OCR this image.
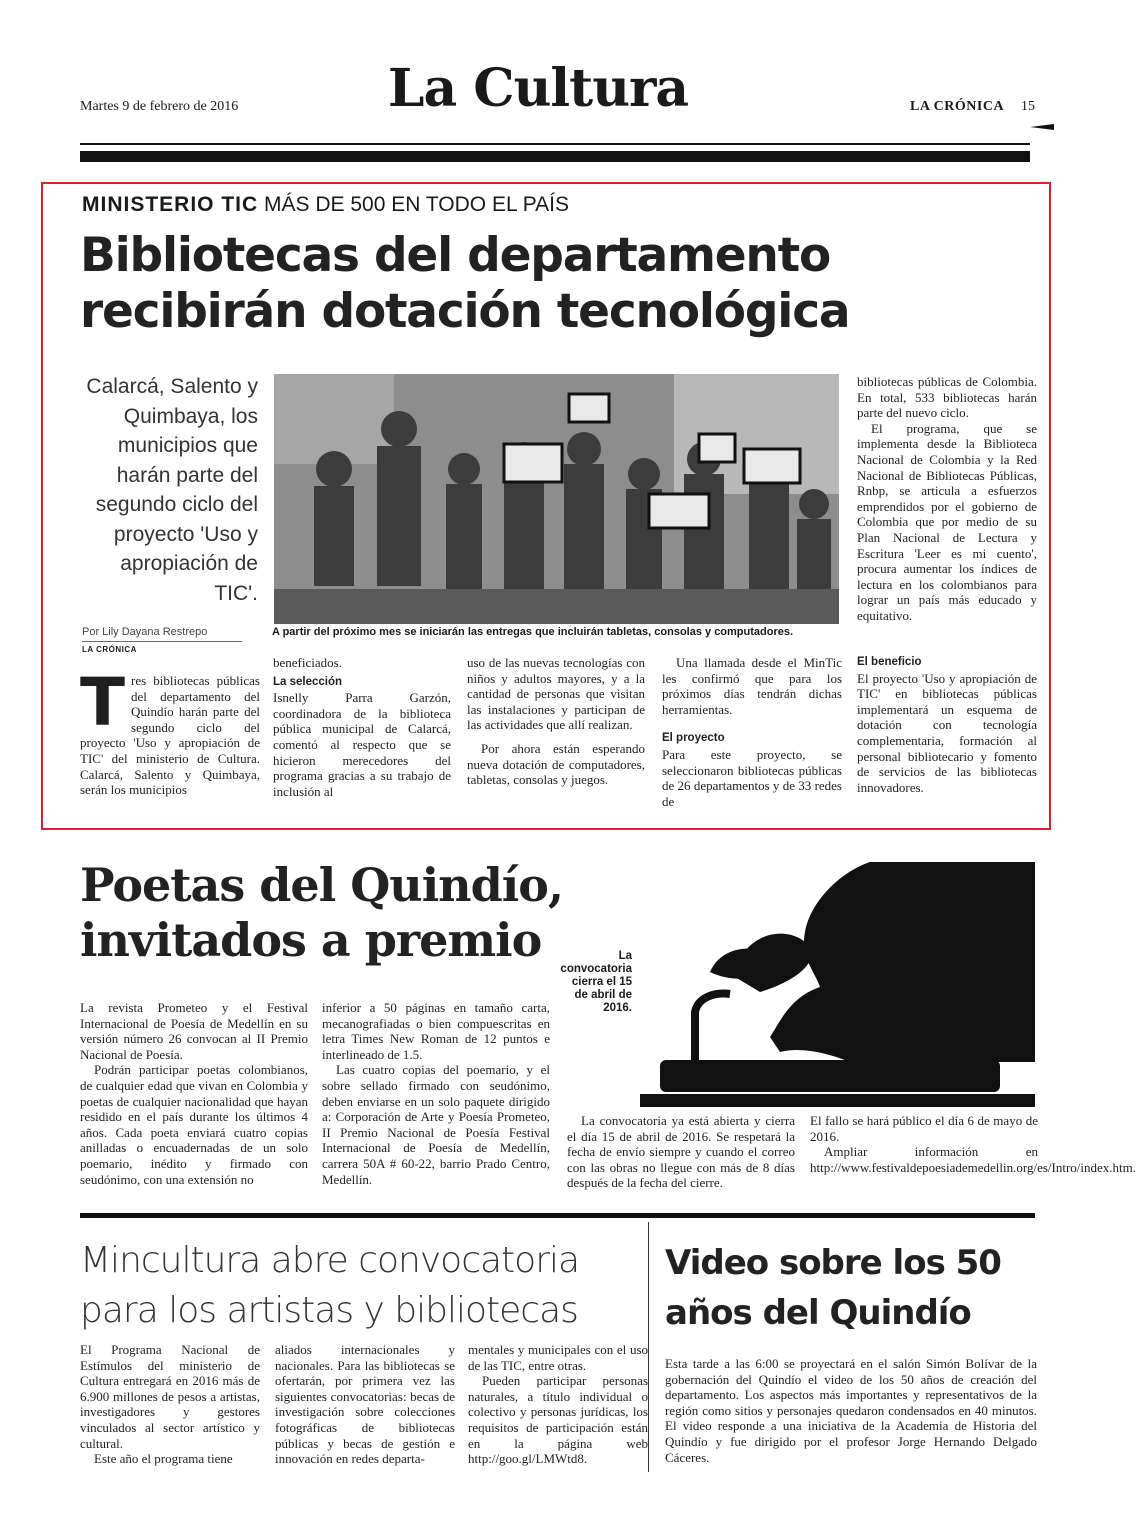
Martes 9 de febrero de 2016	La Cultura	LA CRÓNICA 15
MINISTERIO TIC MÁS DE 500 EN TODO EL PAÍS
Bibliotecas del departamento recibirán dotación tecnológica
Calarcá, Salento y Quimbaya, los municipios que harán parte del segundo ciclo del proyecto 'Uso y apropiación de TIC'.
A partir del próximo mes se iniciarán las entregas que incluirán tabletas, consolas y computadores.
Por Lily Dayana Restrepo
LA CRÓNICA
T res bibliotecas públicas del departamento del Quindío harán parte del segundo ciclo del proyecto 'Uso y apropiación de TIC' del ministerio de Cultura. Calarcá, Salento y Quimbaya, serán los municipios

beneficiados.

La selección

Isnelly Parra Garzón, coordinadora de la biblioteca pública municipal de Calarcá, comentó al respecto que se hicieron merecedores del programa gracias a su trabajo de inclusión al

uso de las nuevas tecnologías con niños y adultos mayores, y a la cantidad de personas que visitan las instalaciones y participan de las actividades que allí realizan.

Por ahora están esperando nueva dotación de computadores, tabletas, consolas y juegos.

Una llamada desde el MinTic les confirmó que para los próximos días tendrán dichas herramientas.

El proyecto

Para este proyecto, se seleccionaron bibliotecas públicas de 26 departamentos y de 33 redes de

bibliotecas públicas de Colombia. En total, 533 bibliotecas harán parte del nuevo ciclo.

El programa, que se implementa desde la Biblioteca Nacional de Colombia y la Red Nacional de Bibliotecas Públicas, Rnbp, se articula a esfuerzos emprendidos por el gobierno de Colombia que por medio de su Plan Nacional de Lectura y Escritura 'Leer es mi cuento', procura aumentar los índices de lectura en los colombianos para lograr un país más educado y equitativo.

El beneficio

El proyecto 'Uso y apropiación de TIC' en bibliotecas públicas implementará un esquema de dotación con tecnología complementaria, formación al personal bibliotecario y fomento de servicios de las bibliotecas innovadores.

Poetas del Quindío, invitados a premio	La convocatoria cierra el 15 de abril de 2016.

La revista Prometeo y el Festival Internacional de Poesía de Medellín en su versión número 26 convocan al II Premio Nacional de Poesía.

Podrán participar poetas colombianos, de cualquier edad que vivan en Colombia y poetas de cualquier nacionalidad que hayan residido en el país durante los últimos 4 años. Cada poeta enviará cuatro copias anilladas o encuadernadas de un solo poemario, inédito y firmado con seudónimo, con una extensión no

inferior a 50 páginas en tamaño carta, mecanografiadas o bien compuescritas en letra Times New Roman de 12 puntos e interlineado de 1.5.

Las cuatro copias del poemario, y el sobre sellado firmado con seudónimo, deben enviarse en un solo paquete dirigido a: Corporación de Arte y Poesía Prometeo, II Premio Nacional de Poesía Festival Internacional de Poesía de Medellín, carrera 50A # 60-22, barrio Prado Centro, Medellín.

La convocatoria ya está abierta y cierra el día 15 de abril de 2016. Se respetará la fecha de envío siempre y cuando el correo con las obras no llegue con más de 8 días después de la fecha del cierre.

El fallo se hará público el día 6 de mayo de 2016.

Ampliar información en http://www.festivaldepoesiademedellin.org/es/Intro/index.htm.

Mincultura abre convocatoria para los artistas y bibliotecas

El Programa Nacional de Estímulos del ministerio de Cultura entregará en 2016 más de 6.900 millones de pesos a artistas, investigadores y gestores vinculados al sector artístico y cultural.

Este año el programa tiene

aliados internacionales y nacionales. Para las bibliotecas se ofertarán, por primera vez las siguientes convocatorias: becas de investigación sobre colecciones fotográficas de bibliotecas públicas y becas de gestión e innovación en redes departa-

mentales y municipales con el uso de las TIC, entre otras.

Pueden participar personas naturales, a título individual o colectivo y personas jurídicas, los requisitos de participación están en la página web http://goo.gl/LMWtd8.

Video sobre los 50 años del Quindío

Esta tarde a las 6:00 se proyectará en el salón Simón Bolívar de la gobernación del Quindío el video de los 50 años de creación del departamento. Los aspectos más importantes y representativos de la región como sitios y personajes quedaron condensados en 40 minutos. El video responde a una iniciativa de la Academia de Historia del Quindío y fue dirigido por el profesor Jorge Hernando Delgado Cáceres.
